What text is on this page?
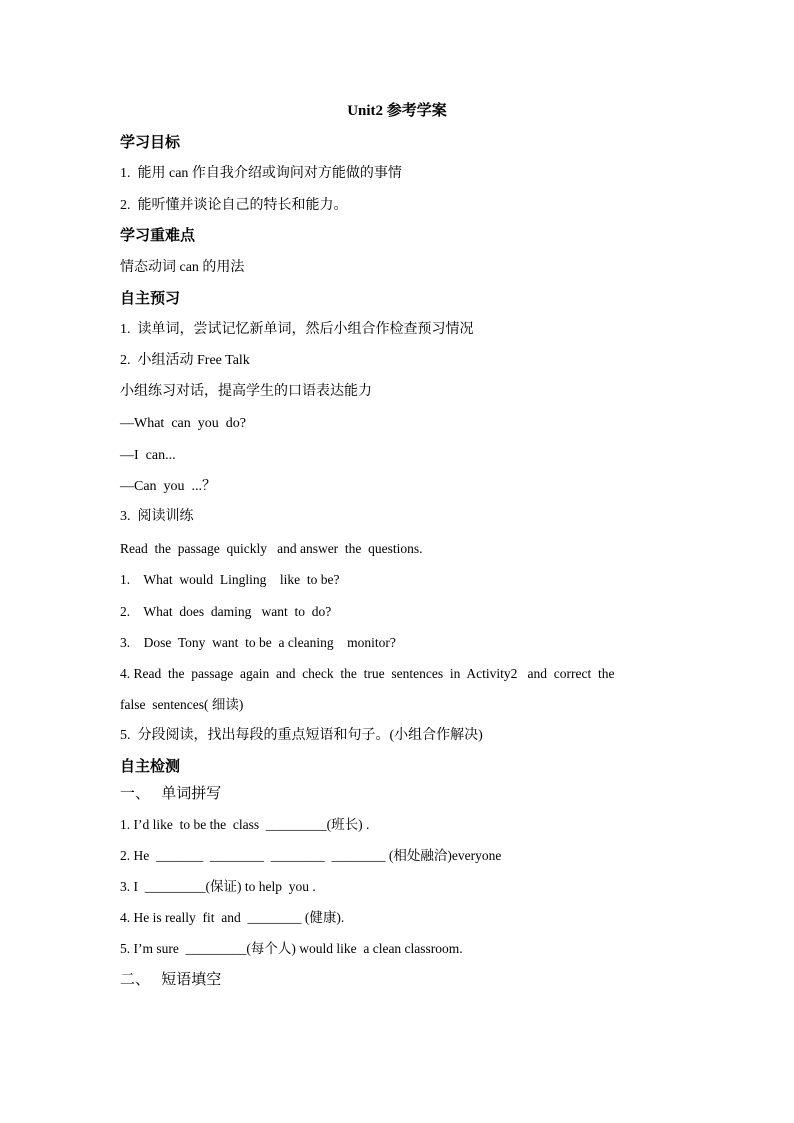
Unit2 参考学案
学习目标
1.  能用 can 作自我介绍或询问对方能做的事情
2.  能听懂并谈论自己的特长和能力。
学习重难点
情态动词 can 的用法
自主预习
1.  读单词，尝试记忆新单词，然后小组合作检查预习情况
2.  小组活动 Free Talk
小组练习对话，提高学生的口语表达能力
—What  can  you  do?
—I  can...
—Can  you  ...？
3.  阅读训练
Read  the  passage  quickly   and answer  the  questions.
1.    What  would  Lingling    like  to be?
2.    What  does  daming   want  to  do?
3.    Dose  Tony  want  to be  a cleaning    monitor?
4. Read  the  passage  again  and  check  the  true  sentences  in  Activity2   and  correct  the
false  sentences( 细读)
5.  分段阅读，找出每段的重点短语和句子。(小组合作解决)
自主检测
一、   单词拼写
1. I’d like  to be the  class  _________(班长) .
2. He  _______  ________  ________  ________ (相处融洽)everyone
3. I  _________(保证) to help  you .
4. He is really  fit  and  ________ (健康).
5. I’m sure  _________(每个人) would like  a clean classroom.
二、   短语填空
